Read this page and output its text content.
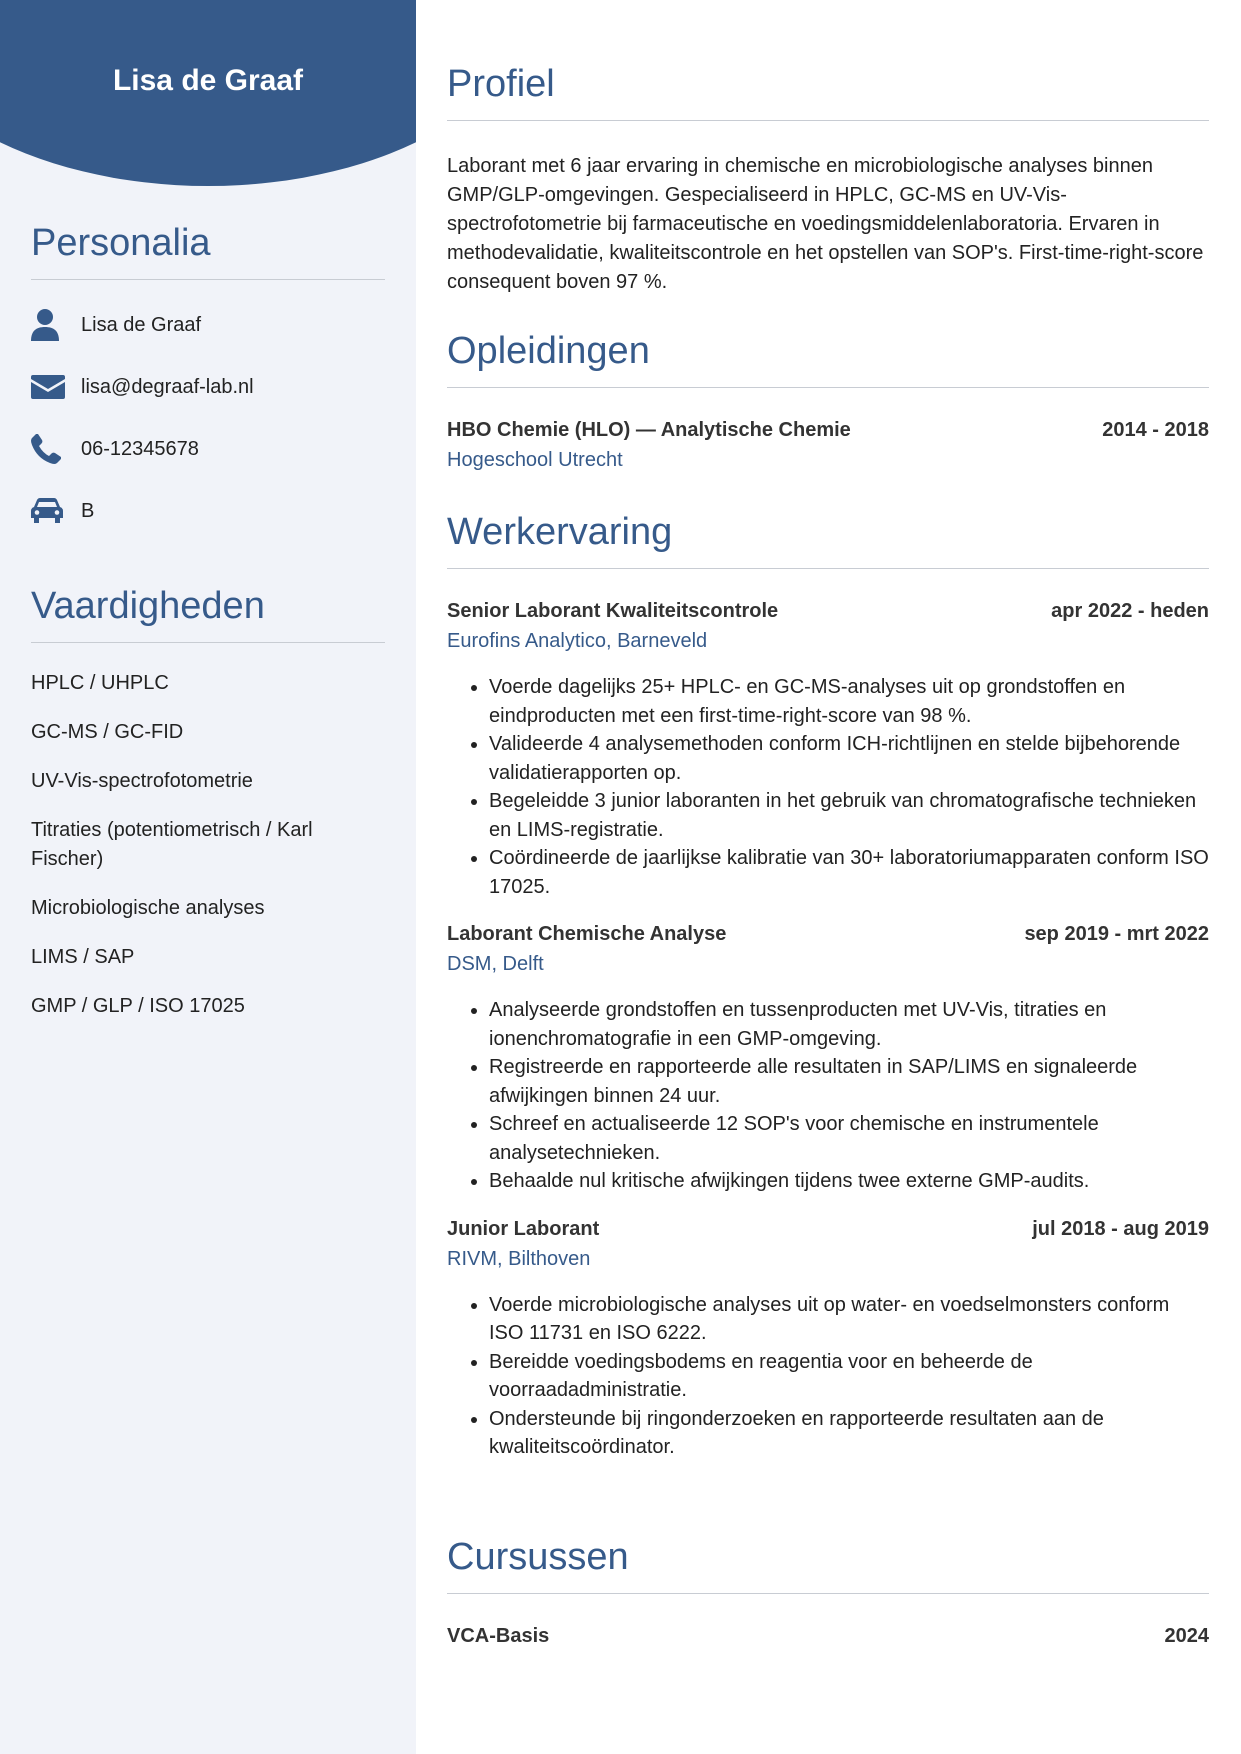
Lisa de Graaf
Personalia
Lisa de Graaf
lisa@degraaf-lab.nl
06-12345678
B
Vaardigheden
HPLC / UHPLC
GC-MS / GC-FID
UV-Vis-spectrofotometrie
Titraties (potentiometrisch / Karl Fischer)
Microbiologische analyses
LIMS / SAP
GMP / GLP / ISO 17025
Profiel

Laborant met 6 jaar ervaring in chemische en microbiologische analyses binnen GMP/GLP-omgevingen. Gespecialiseerd in HPLC, GC-MS en UV-Vis-spectrofotometrie bij farmaceutische en voedingsmiddelenlaboratoria. Ervaren in methodevalidatie, kwaliteitscontrole en het opstellen van SOP's. First-time-right-score consequent boven 97 %.

Opleidingen
HBO Chemie (HLO) — Analytische Chemie	2014 - 2018
Hogeschool Utrecht
Werkervaring
Senior Laborant Kwaliteitscontrole	apr 2022 - heden
Eurofins Analytico, Barneveld
• Voerde dagelijks 25+ HPLC- en GC-MS-analyses uit op grondstoffen en eindproducten met een first-time-right-score van 98 %.
• Valideerde 4 analysemethoden conform ICH-richtlijnen en stelde bijbehorende validatierapporten op.
• Begeleidde 3 junior laboranten in het gebruik van chromatografische technieken en LIMS-registratie.
• Coördineerde de jaarlijkse kalibratie van 30+ laboratoriumapparaten conform ISO 17025.
Laborant Chemische Analyse	sep 2019 - mrt 2022
DSM, Delft
• Analyseerde grondstoffen en tussenproducten met UV-Vis, titraties en ionenchromatografie in een GMP-omgeving.
• Registreerde en rapporteerde alle resultaten in SAP/LIMS en signaleerde afwijkingen binnen 24 uur.
• Schreef en actualiseerde 12 SOP's voor chemische en instrumentele analysetechnieken.
• Behaalde nul kritische afwijkingen tijdens twee externe GMP-audits.
Junior Laborant	jul 2018 - aug 2019
RIVM, Bilthoven
• Voerde microbiologische analyses uit op water- en voedselmonsters conform ISO 11731 en ISO 6222.
• Bereidde voedingsbodems en reagentia voor en beheerde de voorraadadministratie.
• Ondersteunde bij ringonderzoeken en rapporteerde resultaten aan de kwaliteitscoördinator.
Cursussen
VCA-Basis	2024
